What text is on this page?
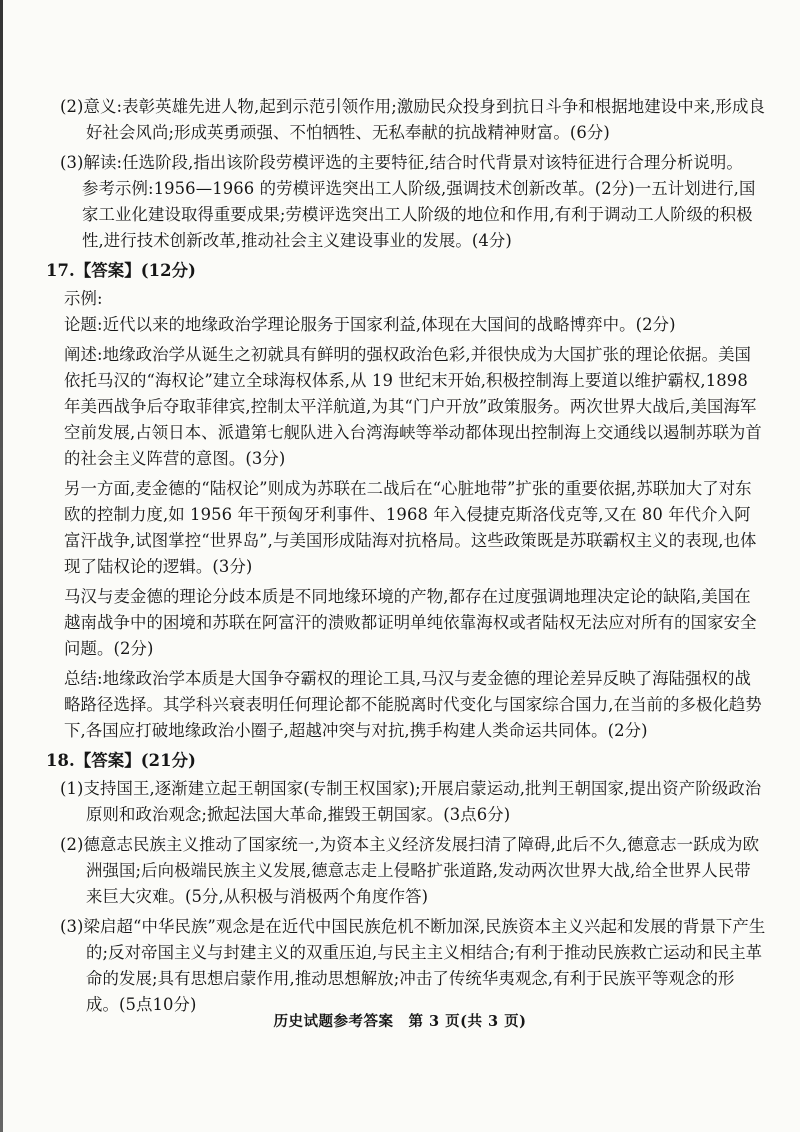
(2)意义:表彰英雄先进人物,起到示范引领作用;激励民众投身到抗日斗争和根据地建设中来,形成良好社会风尚;形成英勇顽强、不怕牺牲、无私奉献的抗战精神财富。(6分)

(3)解读:任选阶段,指出该阶段劳模评选的主要特征,结合时代背景对该特征进行合理分析说明。

参考示例:1956—1966 的劳模评选突出工人阶级,强调技术创新改革。(2分)一五计划进行,国家工业化建设取得重要成果;劳模评选突出工人阶级的地位和作用,有利于调动工人阶级的积极性,进行技术创新改革,推动社会主义建设事业的发展。(4分)

17.【答案】(12分)

示例:

论题:近代以来的地缘政治学理论服务于国家利益,体现在大国间的战略博弈中。(2分)

阐述:地缘政治学从诞生之初就具有鲜明的强权政治色彩,并很快成为大国扩张的理论依据。美国依托马汉的“海权论”建立全球海权体系,从 19 世纪末开始,积极控制海上要道以维护霸权,1898 年美西战争后夺取菲律宾,控制太平洋航道,为其“门户开放”政策服务。两次世界大战后,美国海军空前发展,占领日本、派遣第七舰队进入台湾海峡等举动都体现出控制海上交通线以遏制苏联为首的社会主义阵营的意图。(3分)

另一方面,麦金德的“陆权论”则成为苏联在二战后在“心脏地带”扩张的重要依据,苏联加大了对东欧的控制力度,如 1956 年干预匈牙利事件、1968 年入侵捷克斯洛伐克等,又在 80 年代介入阿富汗战争,试图掌控“世界岛”,与美国形成陆海对抗格局。这些政策既是苏联霸权主义的表现,也体现了陆权论的逻辑。(3分)

马汉与麦金德的理论分歧本质是不同地缘环境的产物,都存在过度强调地理决定论的缺陷,美国在越南战争中的困境和苏联在阿富汗的溃败都证明单纯依靠海权或者陆权无法应对所有的国家安全问题。(2分)

总结:地缘政治学本质是大国争夺霸权的理论工具,马汉与麦金德的理论差异反映了海陆强权的战略路径选择。其学科兴衰表明任何理论都不能脱离时代变化与国家综合国力,在当前的多极化趋势下,各国应打破地缘政治小圈子,超越冲突与对抗,携手构建人类命运共同体。(2分)

18.【答案】(21分)

(1)支持国王,逐渐建立起王朝国家(专制王权国家);开展启蒙运动,批判王朝国家,提出资产阶级政治原则和政治观念;掀起法国大革命,摧毁王朝国家。(3点6分)

(2)德意志民族主义推动了国家统一,为资本主义经济发展扫清了障碍,此后不久,德意志一跃成为欧洲强国;后向极端民族主义发展,德意志走上侵略扩张道路,发动两次世界大战,给全世界人民带来巨大灾难。(5分,从积极与消极两个角度作答)

(3)梁启超“中华民族”观念是在近代中国民族危机不断加深,民族资本主义兴起和发展的背景下产生的;反对帝国主义与封建主义的双重压迫,与民主主义相结合;有利于推动民族救亡运动和民主革命的发展;具有思想启蒙作用,推动思想解放;冲击了传统华夷观念,有利于民族平等观念的形成。(5点10分)

历史试题参考答案　第 3 页(共 3 页)
